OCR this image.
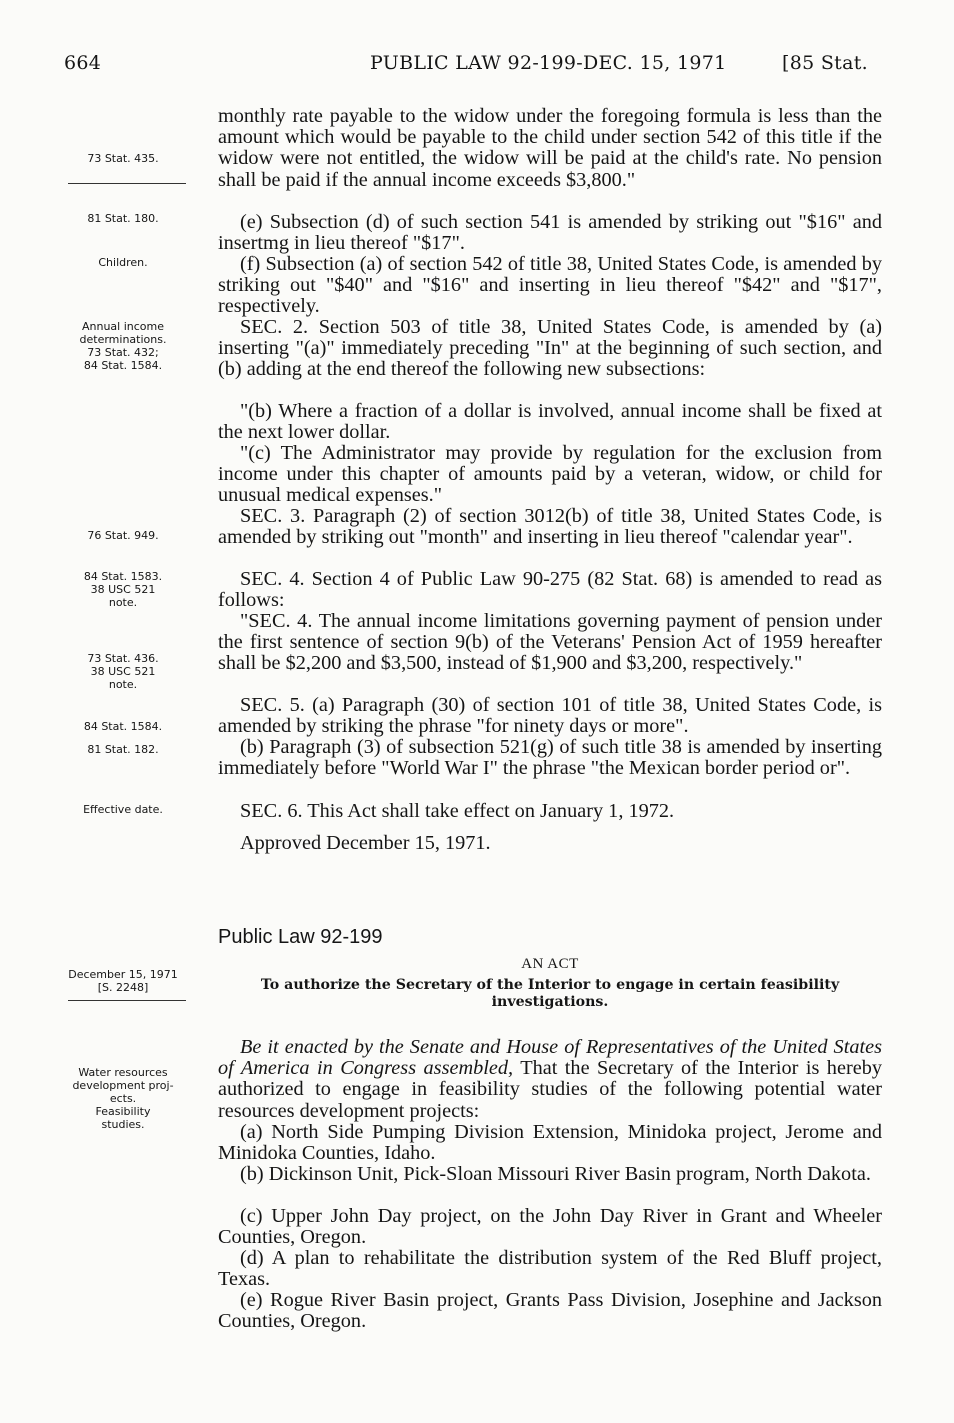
664	PUBLIC LAW 92-199-DEC. 15, 1971	[85 Stat.
73 Stat. 435.
81 Stat. 180.
Children.
Annual income
determinations.
73 Stat. 432;
84 Stat. 1584.
76 Stat. 949.
84 Stat. 1583.
38 USC 521
note.
73 Stat. 436.
38 USC 521
note.
84 Stat. 1584.
81 Stat. 182.
Effective date.
December 15, 1971
[S. 2248]
Water resources
development proj-
ects.
Feasibility
studies.
monthly rate payable to the widow under the foregoing formula is less than the amount which would be payable to the child under section 542 of this title if the widow were not entitled, the widow will be paid at the child's rate. No pension shall be paid if the annual income exceeds $3,800."
(e) Subsection (d) of such section 541 is amended by striking out "$16" and insertmg in lieu thereof "$17".
(f) Subsection (a) of section 542 of title 38, United States Code, is amended by striking out "$40" and "$16" and inserting in lieu thereof "$42" and "$17", respectively.
SEC. 2. Section 503 of title 38, United States Code, is amended by (a) inserting "(a)" immediately preceding "In" at the beginning of such section, and (b) adding at the end thereof the following new subsections:
"(b) Where a fraction of a dollar is involved, annual income shall be fixed at the next lower dollar.
"(c) The Administrator may provide by regulation for the exclusion from income under this chapter of amounts paid by a veteran, widow, or child for unusual medical expenses."
SEC. 3. Paragraph (2) of section 3012(b) of title 38, United States Code, is amended by striking out "month" and inserting in lieu thereof "calendar year".
SEC. 4. Section 4 of Public Law 90-275 (82 Stat. 68) is amended to read as follows:
"SEC. 4. The annual income limitations governing payment of pension under the first sentence of section 9(b) of the Veterans' Pension Act of 1959 hereafter shall be $2,200 and $3,500, instead of $1,900 and $3,200, respectively."
SEC. 5. (a) Paragraph (30) of section 101 of title 38, United States Code, is amended by striking the phrase "for ninety days or more".
(b) Paragraph (3) of subsection 521(g) of such title 38 is amended by inserting immediately before "World War I" the phrase "the Mexican border period or".
SEC. 6. This Act shall take effect on January 1, 1972.
Approved December 15, 1971.
Public Law 92-199
AN ACT
To authorize the Secretary of the Interior to engage in certain feasibility investigations.
Be it enacted by the Senate and House of Representatives of the United States of America in Congress assembled, That the Secretary of the Interior is hereby authorized to engage in feasibility studies of the following potential water resources development projects:
(a) North Side Pumping Division Extension, Minidoka project, Jerome and Minidoka Counties, Idaho.
(b) Dickinson Unit, Pick-Sloan Missouri River Basin program, North Dakota.
(c) Upper John Day project, on the John Day River in Grant and Wheeler Counties, Oregon.
(d) A plan to rehabilitate the distribution system of the Red Bluff project, Texas.
(e) Rogue River Basin project, Grants Pass Division, Josephine and Jackson Counties, Oregon.
